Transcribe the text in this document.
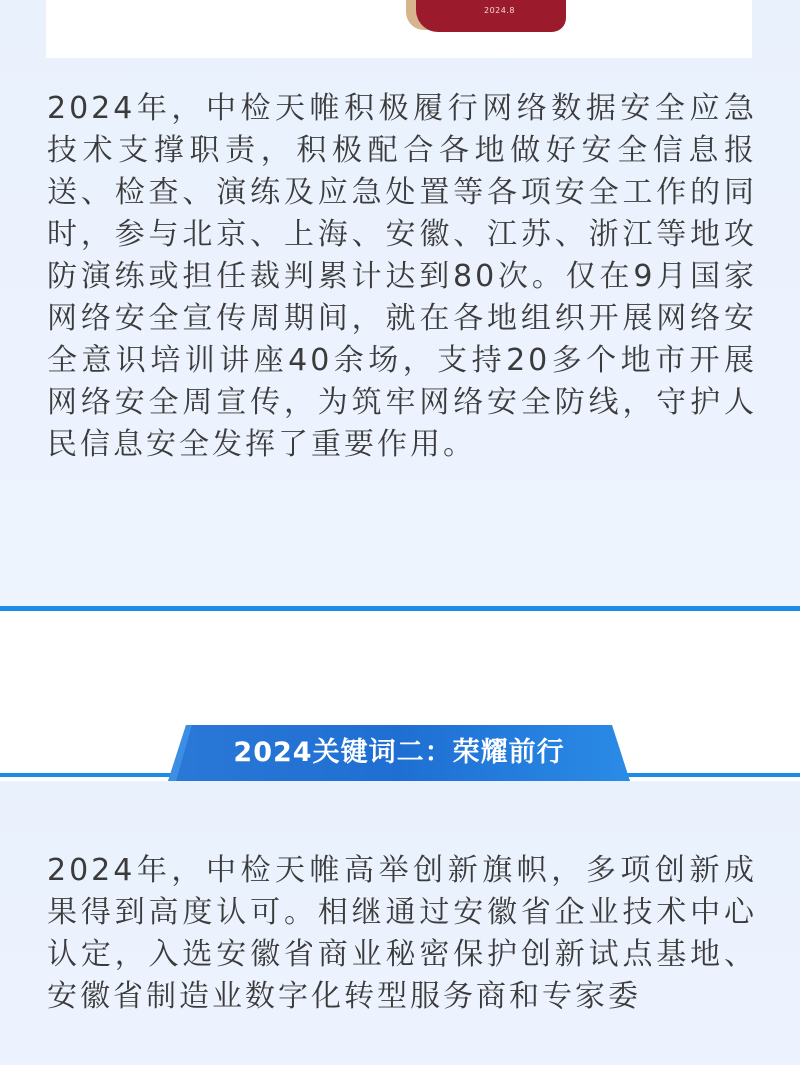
2024.8

2024年，中检天帷积极履行网络数据安全应急技术支撑职责，积极配合各地做好安全信息报送、检查、演练及应急处置等各项安全工作的同时，参与北京、上海、安徽、江苏、浙江等地攻防演练或担任裁判累计达到80次。仅在9月国家网络安全宣传周期间，就在各地组织开展网络安全意识培训讲座40余场，支持20多个地市开展网络安全周宣传，为筑牢网络安全防线，守护人民信息安全发挥了重要作用。

2024关键词二：荣耀前行

2024年，中检天帷高举创新旗帜，多项创新成果得到高度认可。相继通过安徽省企业技术中心认定，入选安徽省商业秘密保护创新试点基地、安徽省制造业数字化转型服务商和专家委
